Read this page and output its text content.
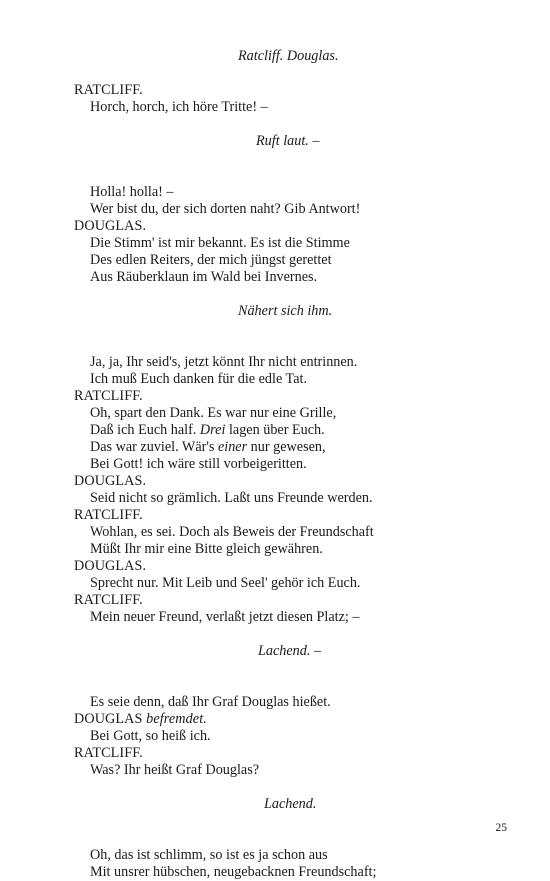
Ratcliff. Douglas.
RATCLIFF.
Horch, horch, ich höre Tritte! –
Ruft laut. –
Holla! holla! –
Wer bist du, der sich dorten naht? Gib Antwort!
DOUGLAS.
Die Stimm' ist mir bekannt. Es ist die Stimme
Des edlen Reiters, der mich jüngst gerettet
Aus Räuberklaun im Wald bei Invernes.
Nähert sich ihm.
Ja, ja, Ihr seid's, jetzt könnt Ihr nicht entrinnen.
Ich muß Euch danken für die edle Tat.
RATCLIFF.
Oh, spart den Dank. Es war nur eine Grille,
Daß ich Euch half. Drei lagen über Euch.
Das war zuviel. Wär's einer nur gewesen,
Bei Gott! ich wäre still vorbeigeritten.
DOUGLAS.
Seid nicht so grämlich. Laßt uns Freunde werden.
RATCLIFF.
Wohlan, es sei. Doch als Beweis der Freundschaft
Müßt Ihr mir eine Bitte gleich gewähren.
DOUGLAS.
Sprecht nur. Mit Leib und Seel' gehör ich Euch.
RATCLIFF.
Mein neuer Freund, verlaßt jetzt diesen Platz; –
Lachend. –
Es seie denn, daß Ihr Graf Douglas hießet.
DOUGLAS befremdet.
Bei Gott, so heiß ich.
RATCLIFF.
Was? Ihr heißt Graf Douglas?
Lachend.
Oh, das ist schlimm, so ist es ja schon aus
Mit unsrer hübschen, neugebacknen Freundschaft;
25
